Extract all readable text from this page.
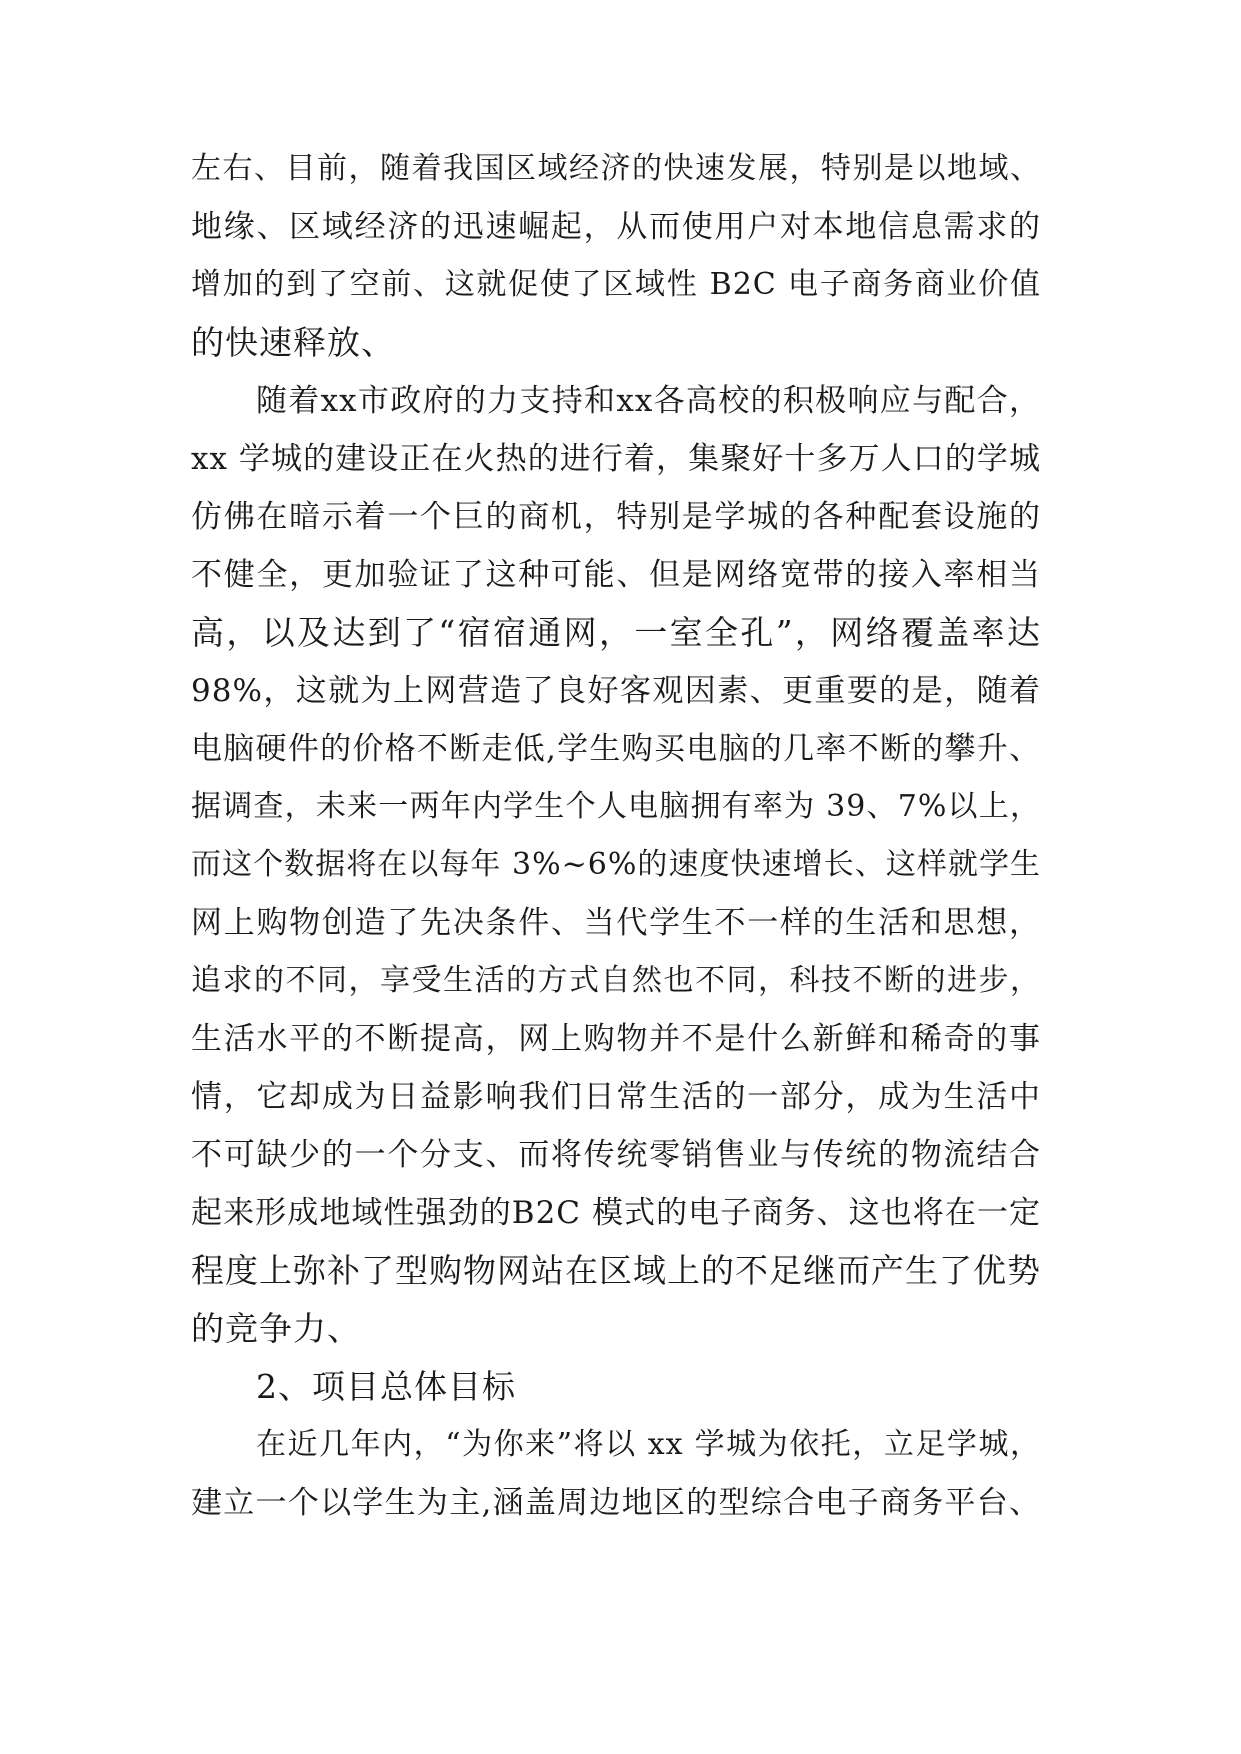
左右、目前，随着我国区域经济的快速发展，特别是以地域、
地缘、区域经济的迅速崛起，从而使用户对本地信息需求的
增加的到了空前、这就促使了区域性 B2C 电子商务商业价值
的快速释放、
随着xx市政府的力支持和xx各高校的积极响应与配合，
xx 学城的建设正在火热的进行着，集聚好十多万人口的学城
仿佛在暗示着一个巨的商机，特别是学城的各种配套设施的
不健全，更加验证了这种可能、但是网络宽带的接入率相当
高，以及达到了“宿宿通网，一室全孔”，网络覆盖率达
98%，这就为上网营造了良好客观因素、更重要的是，随着
电脑硬件的价格不断走低,学生购买电脑的几率不断的攀升、
据调查，未来一两年内学生个人电脑拥有率为 39、7%以上，
而这个数据将在以每年 3%~6%的速度快速增长、这样就学生
网上购物创造了先决条件、当代学生不一样的生活和思想，
追求的不同，享受生活的方式自然也不同，科技不断的进步，
生活水平的不断提高，网上购物并不是什么新鲜和稀奇的事
情，它却成为日益影响我们日常生活的一部分，成为生活中
不可缺少的一个分支、而将传统零销售业与传统的物流结合
起来形成地域性强劲的B2C 模式的电子商务、这也将在一定
程度上弥补了型购物网站在区域上的不足继而产生了优势
的竞争力、
2、项目总体目标
在近几年内，“为你来”将以 xx 学城为依托，立足学城，
建立一个以学生为主,涵盖周边地区的型综合电子商务平台、
